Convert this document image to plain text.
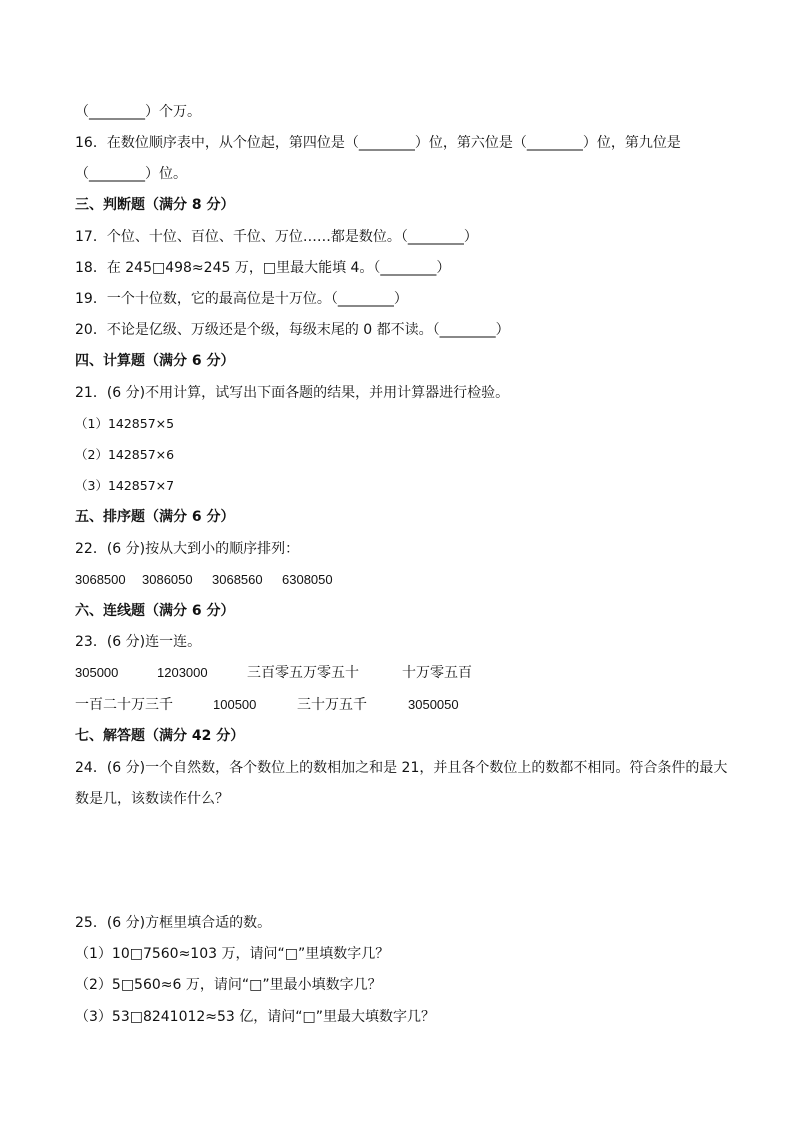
（________）个万。
16．在数位顺序表中，从个位起，第四位是（________）位，第六位是（________）位，第九位是
（________）位。
三、判断题（满分 8 分）
17．个位、十位、百位、千位、万位……都是数位。（________）
18．在 245□498≈245 万，□里最大能填 4。（________）
19．一个十位数，它的最高位是十万位。（________）
20．不论是亿级、万级还是个级，每级末尾的 0 都不读。（________）
四、计算题（满分 6 分）
21．(6 分)不用计算，试写出下面各题的结果，并用计算器进行检验。
（1）142857×5
（2）142857×6
（3）142857×7
五、排序题（满分 6 分）
22．(6 分)按从大到小的顺序排列：
3068500 3086050 3068560 6308050
六、连线题（满分 6 分）
23．(6 分)连一连。
305000	1203000	三百零五万零五十	十万零五百
一百二十万三千	100500	三十万五千	3050050
七、解答题（满分 42 分）
24．(6 分)一个自然数，各个数位上的数相加之和是 21，并且各个数位上的数都不相同。符合条件的最大
数是几，该数读作什么？
25．(6 分)方框里填合适的数。
（1）10□7560≈103 万，请问“□”里填数字几？
（2）5□560≈6 万，请问“□”里最小填数字几？
（3）53□8241012≈53 亿，请问“□”里最大填数字几？
